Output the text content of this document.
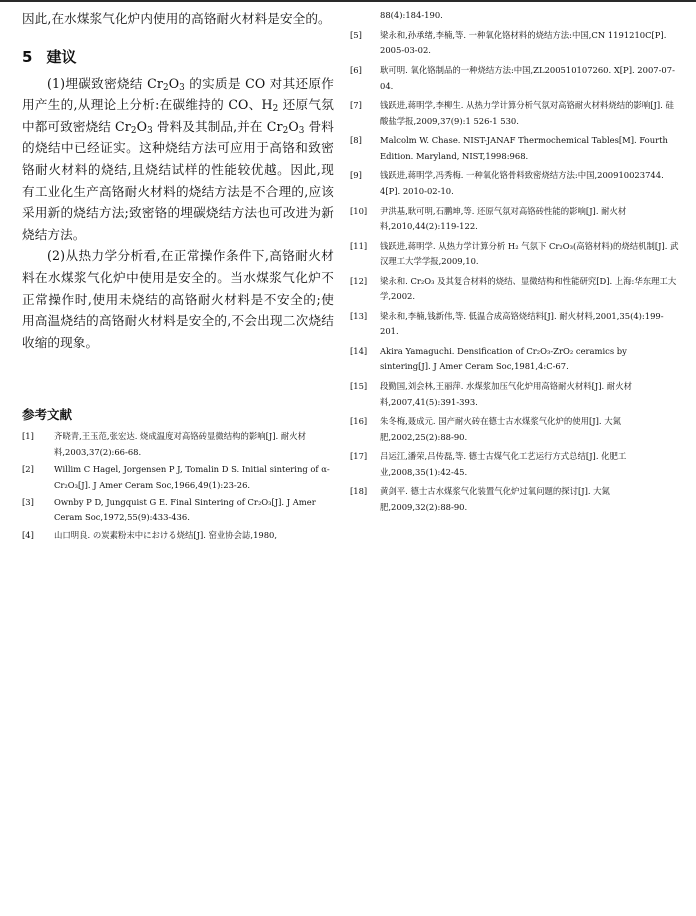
因此,在水煤浆气化炉内使用的高铬耐火材料是安全的。

5 建议

(1)埋碳致密烧结 $Cr_2O_3$ 的实质是 CO 对其还原作用产生的,从理论上分析:在碳维持的 CO、$H_2$ 还原气氛中都可致密烧结 $Cr_2O_3$ 骨料及其制品,并在 $Cr_2O_3$ 骨料的烧结中已经证实。这种烧结方法可应用于高铬和致密铬耐火材料的烧结,且烧结试样的性能较优越。因此,现有工业化生产高铬耐火材料的烧结方法是不合理的,应该采用新的烧结方法;致密铬的埋碳烧结方法也可改进为新烧结方法。

(2)从热力学分析看,在正常操作条件下,高铬耐火材料在水煤浆气化炉中使用是安全的。当水煤浆气化炉不正常操作时,使用未烧结的高铬耐火材料是不安全的;使用高温烧结的高铬耐火材料是安全的,不会出现二次烧结收缩的现象。

参考文献
[1]	齐晓青,王玉范,张宏达. 烧成温度对高铬砖显微结构的影响[J]. 耐火材料,2003,37(2):66-68.
[2]	Willim C Hagel, Jorgensen P J, Tomalin D S. Initial sintering of α-Cr₂O₃[J]. J Amer Ceram Soc,1966,49(1):23-26.
[3]	Ownby P D, Jungquist G E. Final Sintering of Cr₂O₃[J]. J Amer Ceram Soc,1972,55(9):433-436.
[4]	山口明良. の炭素粉末中における烧结[J]. 窑业协会誌,1980,
88(4):184-190.
[5]	梁永和,孙承绪,李楠,等. 一种氧化铬材料的烧结方法:中国,CN 1191210C[P]. 2005-03-02.
[6]	耿可明. 氧化铬制品的一种烧结方法:中国,ZL200510107260. X[P]. 2007-07-04.
[7]	钱跃进,蒋明学,李柳生. 从热力学计算分析气氛对高铬耐火材料烧结的影响[J]. 硅酸盐学报,2009,37(9):1 526-1 530.
[8]	Malcolm W. Chase. NIST-JANAF Thermochemical Tables[M]. Fourth Edition. Maryland, NIST,1998:968.
[9]	钱跃进,蒋明学,冯秀梅. 一种氧化铬骨料致密烧结方法:中国,200910023744. 4[P]. 2010-02-10.
[10]	尹洪基,耿可明,石鹏坤,等. 还原气氛对高铬砖性能的影响[J]. 耐火材料,2010,44(2):119-122.
[11]	钱跃进,蒋明学. 从热力学计算分析 H₂ 气氛下 Cr₂O₃(高铬材料)的烧结机制[J]. 武汉理工大学学报,2009,10.
[12]	梁永和. Cr₂O₃ 及其复合材料的烧结、显微结构和性能研究[D]. 上海:华东理工大学,2002.
[13]	梁永和,李楠,钱新伟,等. 低温合成高铬烧结料[J]. 耐火材料,2001,35(4):199-201.
[14]	Akira Yamaguchi. Densification of Cr₂O₃-ZrO₂ ceramics by sintering[J]. J Amer Ceram Soc,1981,4:C-67.
[15]	段勤国,刘会林,王丽萍. 水煤浆加压气化炉用高铬耐火材料[J]. 耐火材料,2007,41(5):391-393.
[16]	朱冬梅,聂成元. 国产耐火砖在德士古水煤浆气化炉的使用[J]. 大氮肥,2002,25(2):88-90.
[17]	吕运江,潘荣,吕传磊,等. 德士古煤气化工艺运行方式总结[J]. 化肥工业,2008,35(1):42-45.
[18]	黄剑平. 德士古水煤浆气化装置气化炉过氧问题的探讨[J]. 大氮肥,2009,32(2):88-90.
